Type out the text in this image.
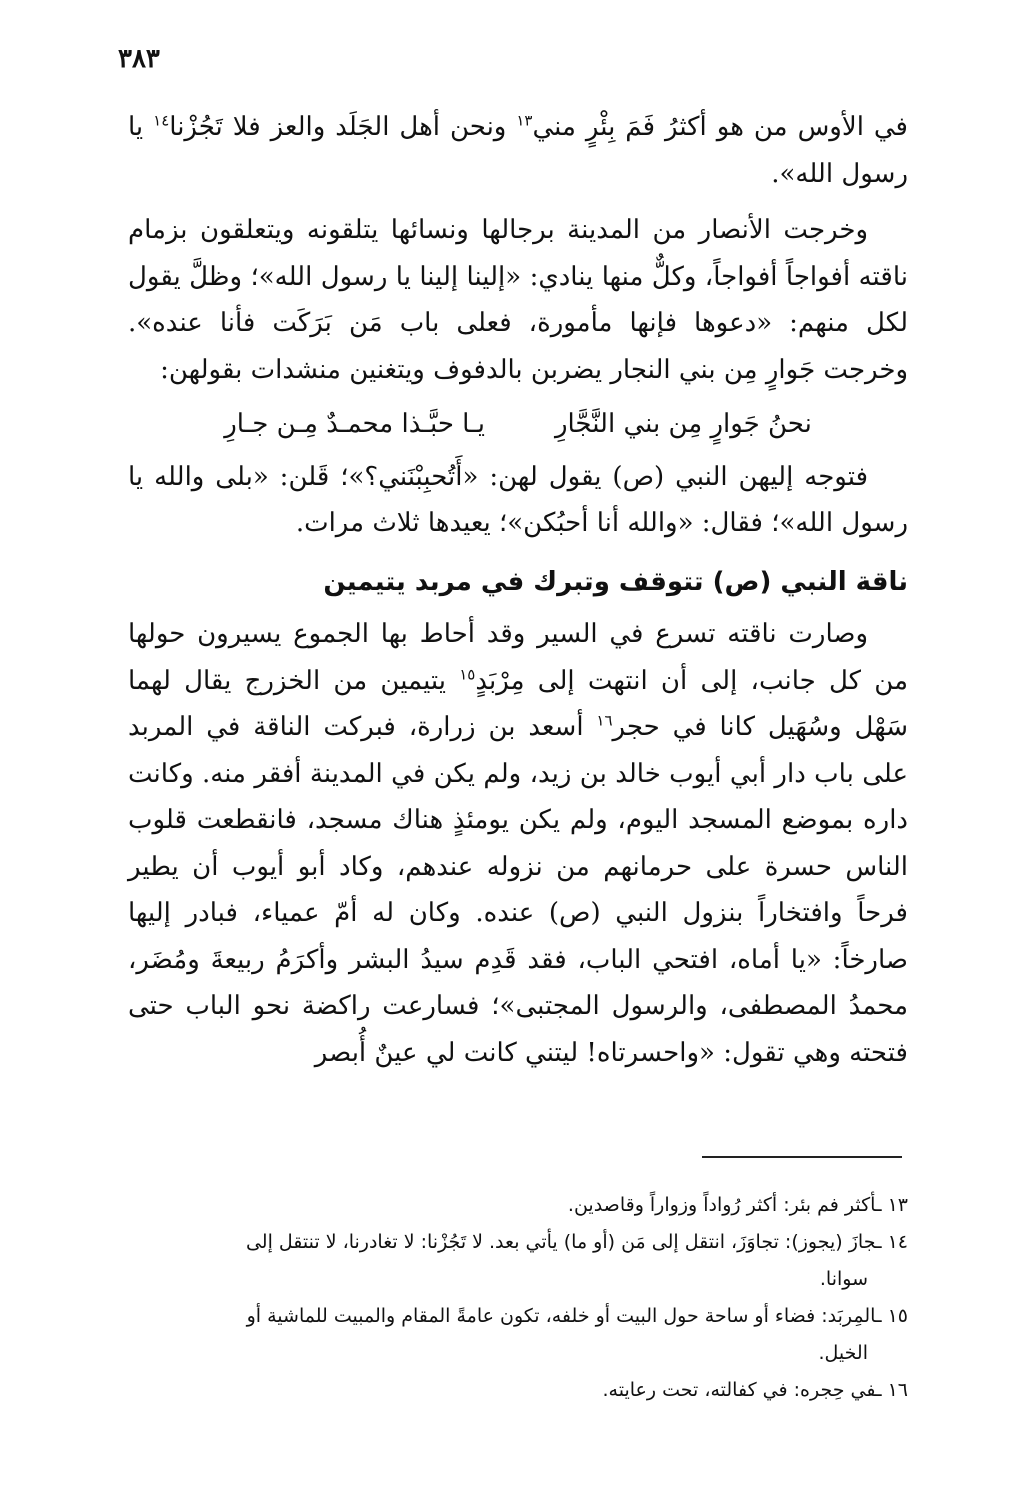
٣٨٣

في الأوس من هو أكثرُ فَمَ بِئْرٍ مني$^{١٣}$ ونحن أهل الجَلَد والعز فلا تَجُزْنا$^{١٤}$ يا رسول الله».

وخرجت الأنصار من المدينة برجالها ونسائها يتلقونه ويتعلقون بزمام ناقته أفواجاً أفواجاً، وكلٌّ منها ينادي: «إلينا إلينا يا رسول الله»؛ وظلَّ يقول لكل منهم: «دعوها فإنها مأمورة، فعلى باب مَن بَرَكَت فأنا عنده». وخرجت جَوارٍ مِن بني النجار يضربن بالدفوف ويتغنين منشدات بقولهن:

نحنُ جَوارٍ مِن بني النَّجَّارِ
يـا حبَّـذا محمـدٌ مِـن جـارِ

فتوجه إليهن النبي (ص) يقول لهن: «أَتُحبِبْنَني؟»؛ قَلن: «بلى والله يا رسول الله»؛ فقال: «والله أنا أحبُكن»؛ يعيدها ثلاث مرات.

ناقة النبي (ص) تتوقف وتبرك في مربد يتيمين

وصارت ناقته تسرع في السير وقد أحاط بها الجموع يسيرون حولها من كل جانب، إلى أن انتهت إلى مِرْبَدٍ$^{١٥}$ يتيمين من الخزرج يقال لهما سَهْل وسُهَيل كانا في حجر$^{١٦}$ أسعد بن زرارة، فبركت الناقة في المربد على باب دار أبي أيوب خالد بن زيد، ولم يكن في المدينة أفقر منه. وكانت داره بموضع المسجد اليوم، ولم يكن يومئذٍ هناك مسجد، فانقطعت قلوب الناس حسرة على حرمانهم من نزوله عندهم، وكاد أبو أيوب أن يطير فرحاً وافتخاراً بنزول النبي (ص) عنده. وكان له أمّ عمياء، فبادر إليها صارخاً: «يا أماه، افتحي الباب، فقد قَدِم سيدُ البشر وأكرَمُ ربيعةَ ومُضَر، محمدُ المصطفى، والرسول المجتبى»؛ فسارعت راكضة نحو الباب حتى فتحته وهي تقول: «واحسرتاه! ليتني كانت لي عينٌ أُبصر

١٣ ـأكثر فم بئر: أكثر رُواداً وزواراً وقاصدين.

١٤ ـجازَ (يجوز): تجاوَزَ، انتقل إلى مَن (أو ما) يأتي بعد. لا تَجُزْنا: لا تغادرنا، لا تنتقل إلى
سوانا.

١٥ ـالمِربَد: فضاء أو ساحة حول البيت أو خلفه، تكون عامةً المقام والمبيت للماشية أو
الخيل.

١٦ ـفي حِجره: في كفالته، تحت رعايته.
